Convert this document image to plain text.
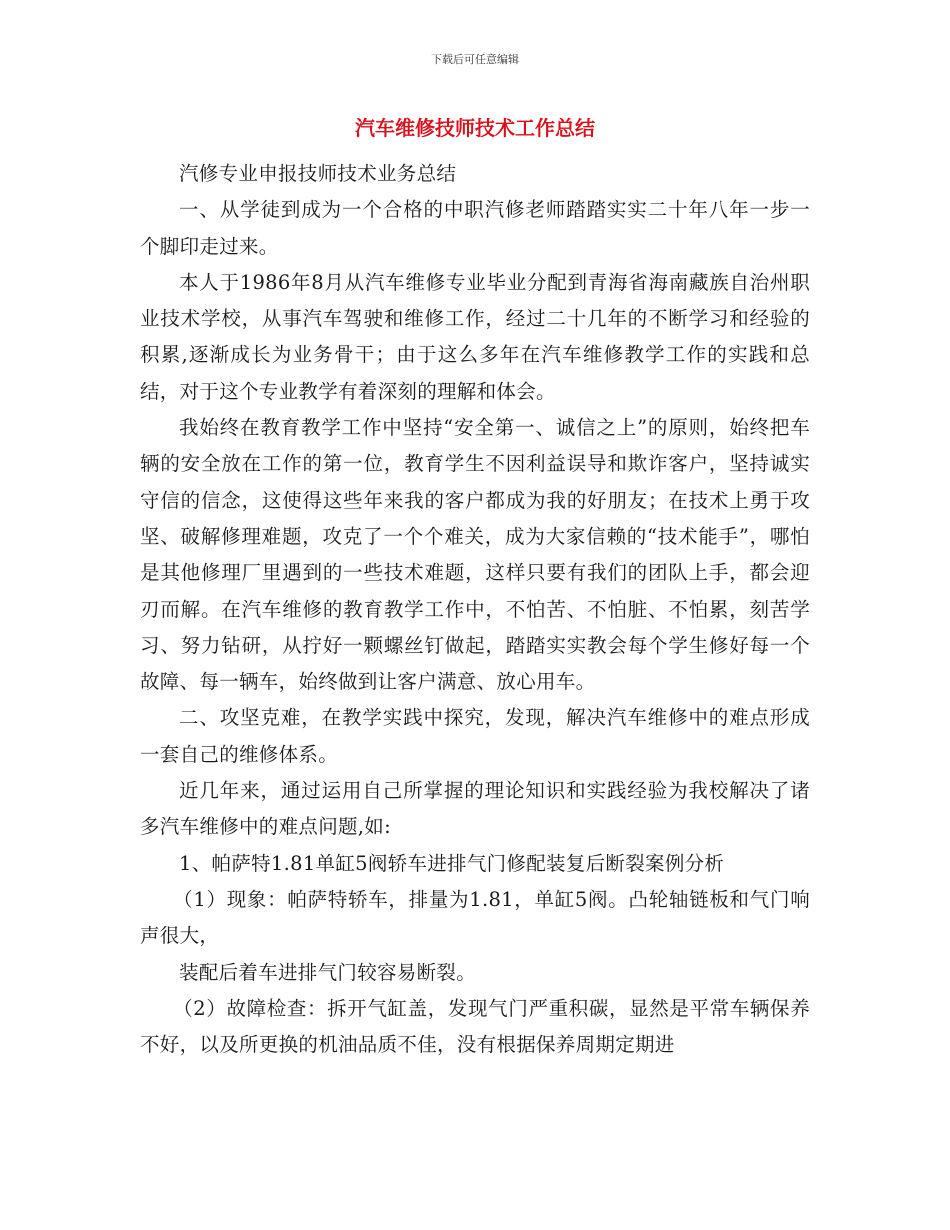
下载后可任意编辑
汽车维修技师技术工作总结

汽修专业申报技师技术业务总结

一、从学徒到成为一个合格的中职汽修老师踏踏实实二十年八年一步一个脚印走过来。

本人于1986年8月从汽车维修专业毕业分配到青海省海南藏族自治州职业技术学校，从事汽车驾驶和维修工作，经过二十几年的不断学习和经验的积累,逐渐成长为业务骨干；由于这么多年在汽车维修教学工作的实践和总结，对于这个专业教学有着深刻的理解和体会。

我始终在教育教学工作中坚持“安全第一、诚信之上”的原则，始终把车辆的安全放在工作的第一位，教育学生不因利益误导和欺诈客户，坚持诚实守信的信念，这使得这些年来我的客户都成为我的好朋友；在技术上勇于攻坚、破解修理难题，攻克了一个个难关，成为大家信赖的“技术能手”，哪怕是其他修理厂里遇到的一些技术难题，这样只要有我们的团队上手，都会迎刃而解。在汽车维修的教育教学工作中，不怕苦、不怕脏、不怕累，刻苦学习、努力钻研，从拧好一颗螺丝钉做起，踏踏实实教会每个学生修好每一个故障、每一辆车，始终做到让客户满意、放心用车。

二、攻坚克难，在教学实践中探究，发现，解决汽车维修中的难点形成一套自己的维修体系。

近几年来，通过运用自己所掌握的理论知识和实践经验为我校解决了诸多汽车维修中的难点问题,如:

1、帕萨特1.81单缸5阀轿车进排气门修配装复后断裂案例分析

（1）现象：帕萨特轿车，排量为1.81，单缸5阀。凸轮轴链板和气门响声很大，

装配后着车进排气门较容易断裂。

（2）故障检查：拆开气缸盖，发现气门严重积碳，显然是平常车辆保养不好，以及所更换的机油品质不佳，没有根据保养周期定期进
